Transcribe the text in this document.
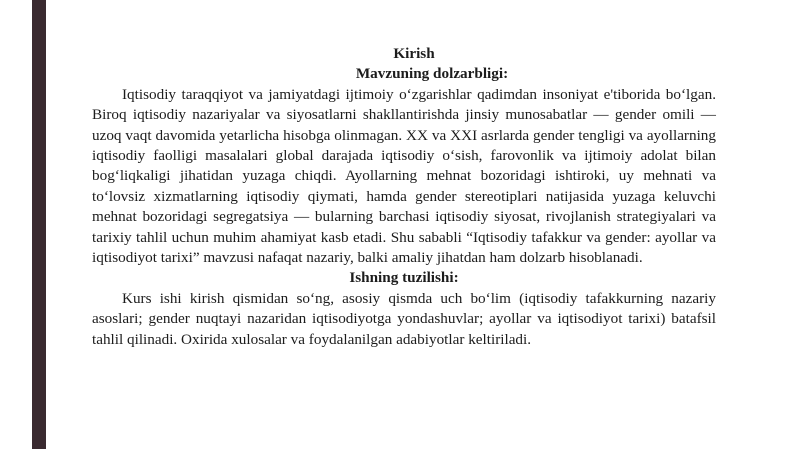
Kirish

Mavzuning dolzarbligi:

Iqtisodiy taraqqiyot va jamiyatdagi ijtimoiy o‘zgarishlar qadimdan insoniyat e'tiborida bo‘lgan. Biroq iqtisodiy nazariyalar va siyosatlarni shakllantirishda jinsiy munosabatlar — gender omili — uzoq vaqt davomida yetarlicha hisobga olinmagan. XX va XXI asrlarda gender tengligi va ayollarning iqtisodiy faolligi masalalari global darajada iqtisodiy o‘sish, farovonlik va ijtimoiy adolat bilan bog‘liqkaligi jihatidan yuzaga chiqdi. Ayollarning mehnat bozoridagi ishtiroki, uy mehnati va to‘lovsiz xizmatlarning iqtisodiy qiymati, hamda gender stereotiplari natijasida yuzaga keluvchi mehnat bozoridagi segregatsiya — bularning barchasi iqtisodiy siyosat, rivojlanish strategiyalari va tarixiy tahlil uchun muhim ahamiyat kasb etadi. Shu sababli “Iqtisodiy tafakkur va gender: ayollar va iqtisodiyot tarixi” mavzusi nafaqat nazariy, balki amaliy jihatdan ham dolzarb hisoblanadi.

Ishning tuzilishi:

Kurs ishi kirish qismidan so‘ng, asosiy qismda uch bo‘lim (iqtisodiy tafakkurning nazariy asoslari; gender nuqtayi nazaridan iqtisodiyotga yondashuvlar; ayollar va iqtisodiyot tarixi) batafsil tahlil qilinadi. Oxirida xulosalar va foydalanilgan adabiyotlar keltiriladi.
